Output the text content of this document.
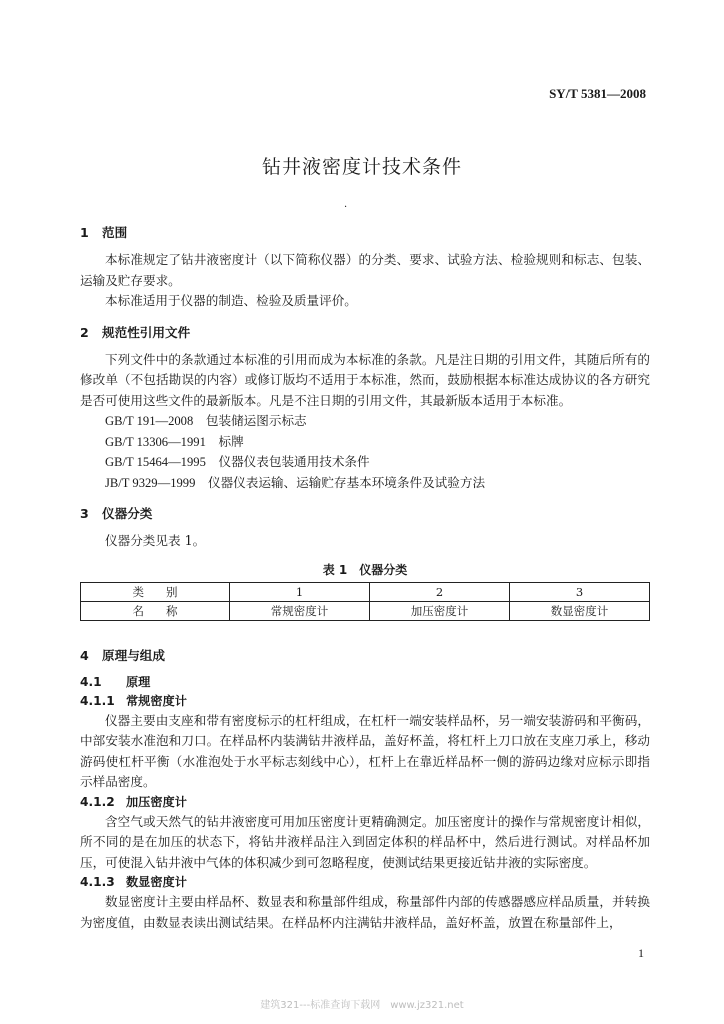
SY/T 5381—2008
钻井液密度计技术条件
·
1 范围

本标准规定了钻井液密度计（以下简称仪器）的分类、要求、试验方法、检验规则和标志、包装、运输及贮存要求。

本标准适用于仪器的制造、检验及质量评价。

2 规范性引用文件

下列文件中的条款通过本标准的引用而成为本标准的条款。凡是注日期的引用文件，其随后所有的修改单（不包括勘误的内容）或修订版均不适用于本标准，然而，鼓励根据本标准达成协议的各方研究是否可使用这些文件的最新版本。凡是不注日期的引用文件，其最新版本适用于本标准。

GB/T 191—2008　 包装储运图示标志

GB/T 13306—1991　 标牌

GB/T 15464—1995　 仪器仪表包装通用技术条件

JB/T 9329—1999　 仪器仪表运输、运输贮存基本环境条件及试验方法

3 仪器分类

仪器分类见表 1。

表 1　仪器分类
类别	1	2	3
名称	常规密度计	加压密度计	数显密度计
4 原理与组成
4.1 原理
4.1.1 常规密度计

仪器主要由支座和带有密度标示的杠杆组成，在杠杆一端安装样品杯，另一端安装游码和平衡码，中部安装水准泡和刀口。在样品杯内装满钻井液样品，盖好杯盖，将杠杆上刀口放在支座刀承上，移动游码使杠杆平衡（水准泡处于水平标志刻线中心），杠杆上在靠近样品杯一侧的游码边缘对应标示即指示样品密度。

4.1.2 加压密度计

含空气或天然气的钻井液密度可用加压密度计更精确测定。加压密度计的操作与常规密度计相似，所不同的是在加压的状态下，将钻井液样品注入到固定体积的样品杯中，然后进行测试。对样品杯加压，可使混入钻井液中气体的体积减少到可忽略程度，使测试结果更接近钻井液的实际密度。

4.1.3 数显密度计

数显密度计主要由样品杯、数显表和称量部件组成，称量部件内部的传感器感应样品质量，并转换为密度值，由数显表读出测试结果。在样品杯内注满钻井液样品，盖好杯盖，放置在称量部件上，

1
建筑321---标准查询下载网　www.jz321.net
